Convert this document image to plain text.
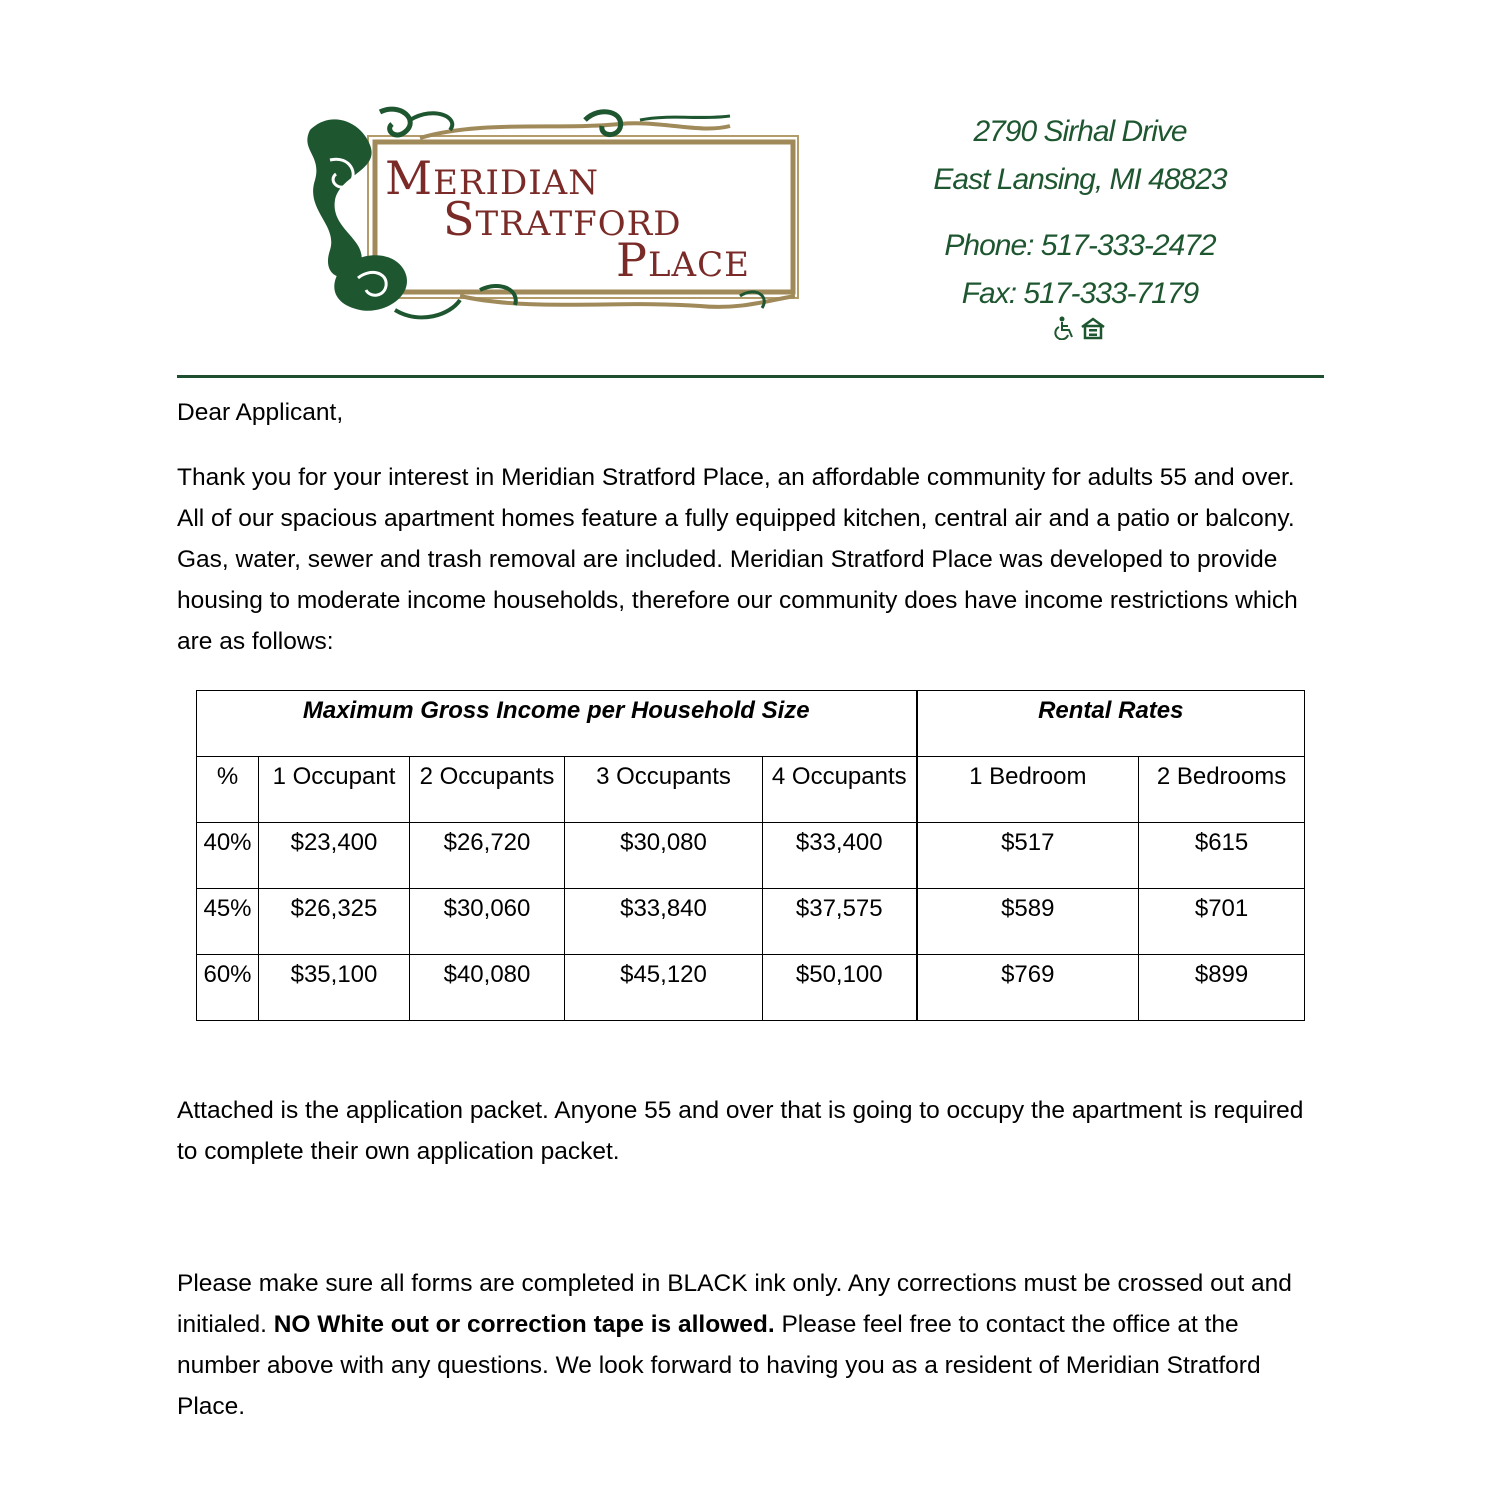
MERIDIAN
STRATFORD
PLACE
2790 Sirhal Drive
East Lansing, MI 48823
Phone: 517-333-2472
Fax: 517-333-7179
Dear Applicant,
Thank you for your interest in Meridian Stratford Place, an affordable community for adults 55 and over. All of our spacious apartment homes feature a fully equipped kitchen, central air and a patio or balcony. Gas, water, sewer and trash removal are included. Meridian Stratford Place was developed to provide housing to moderate income households, therefore our community does have income restrictions which are as follows:
Maximum Gross Income per Household Size					Rental Rates	
%	1 Occupant	2 Occupants	3 Occupants	4 Occupants	1 Bedroom	2 Bedrooms
40%	$23,400	$26,720	$30,080	$33,400	$517	$615
45%	$26,325	$30,060	$33,840	$37,575	$589	$701
60%	$35,100	$40,080	$45,120	$50,100	$769	$899
Attached is the application packet. Anyone 55 and over that is going to occupy the apartment is required to complete their own application packet.
Please make sure all forms are completed in BLACK ink only. Any corrections must be crossed out and initialed. NO White out or correction tape is allowed. Please feel free to contact the office at the number above with any questions. We look forward to having you as a resident of Meridian Stratford Place.
